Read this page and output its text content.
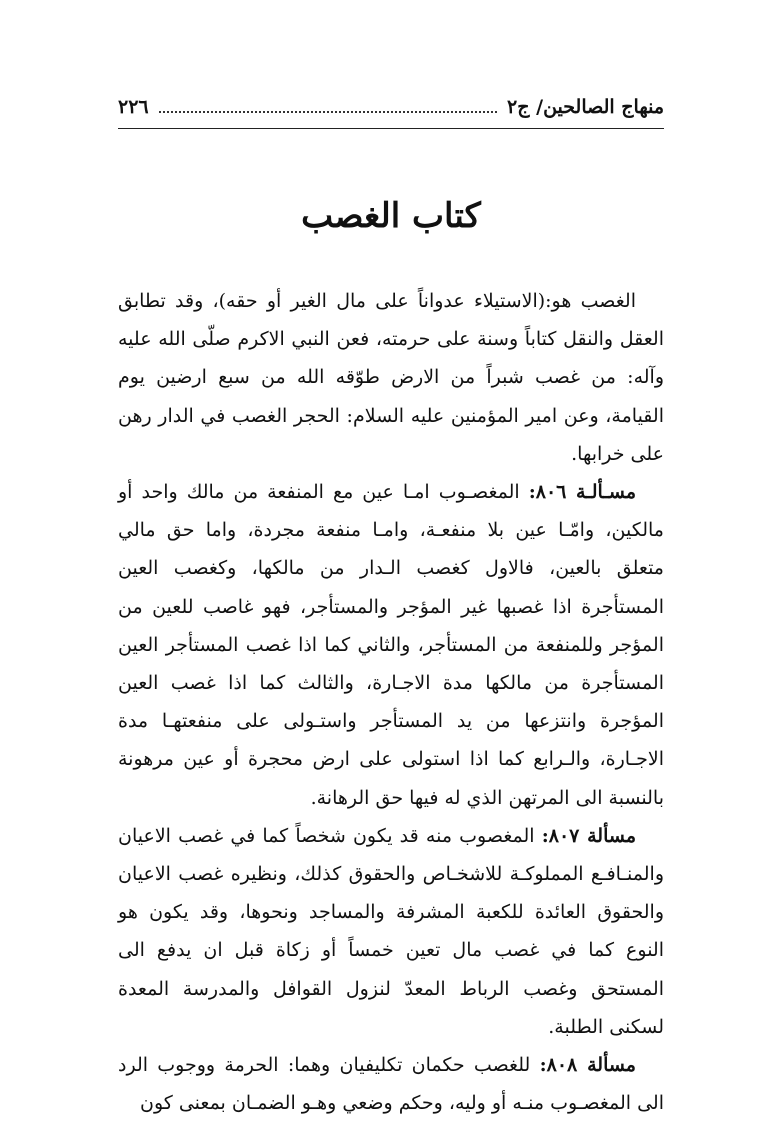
منهاج الصالحين/ ج٢
٢٢٦
كتاب الغصب

الغصب هو:(الاستيلاء عدواناً على مال الغير أو حقه)، وقد تطابق العقل والنقل كتاباً وسنة على حرمته، فعن النبي الاكرم صلّى الله عليه وآله: من غصب شبراً من الارض طوّقه الله من سبع ارضين يوم القيامة، وعن امير المؤمنين عليه السلام: الحجر الغصب في الدار رهن على خرابها.

مسـألـة ٨٠٦: المغصـوب امـا عين مع المنفعة من مالك واحد أو مالكين، وامّـا عين بلا منفعـة، وامـا منفعة مجردة، واما حق مالي متعلق بالعين، فالاول كغصب الـدار من مالكها، وكغصب العين المستأجرة اذا غصبها غير المؤجر والمستأجر، فهو غاصب للعين من المؤجر وللمنفعة من المستأجر، والثاني كما اذا غصب المستأجر العين المستأجرة من مالكها مدة الاجـارة، والثالث كما اذا غصب العين المؤجرة وانتزعها من يد المستأجر واستـولى على منفعتهـا مدة الاجـارة، والـرابع كما اذا استولى على ارض محجرة أو عين مرهونة بالنسبة الى المرتهن الذي له فيها حق الرهانة.

مسألة ٨٠٧: المغصوب منه قد يكون شخصاً كما في غصب الاعيان والمنـافـع المملوكـة للاشخـاص والحقوق كذلك، ونظيره غصب الاعيان والحقوق العائدة للكعبة المشرفة والمساجد ونحوها، وقد يكون هو النوع كما في غصب مال تعين خمساً أو زكاة قبل ان يدفع الى المستحق وغصب الرباط المعدّ لنزول القوافل والمدرسة المعدة لسكنى الطلبة.

مسألة ٨٠٨: للغصب حكمان تكليفيان وهما: الحرمة ووجوب الرد الى المغصـوب منـه أو وليه، وحكم وضعي وهـو الضمـان بمعنى كون
